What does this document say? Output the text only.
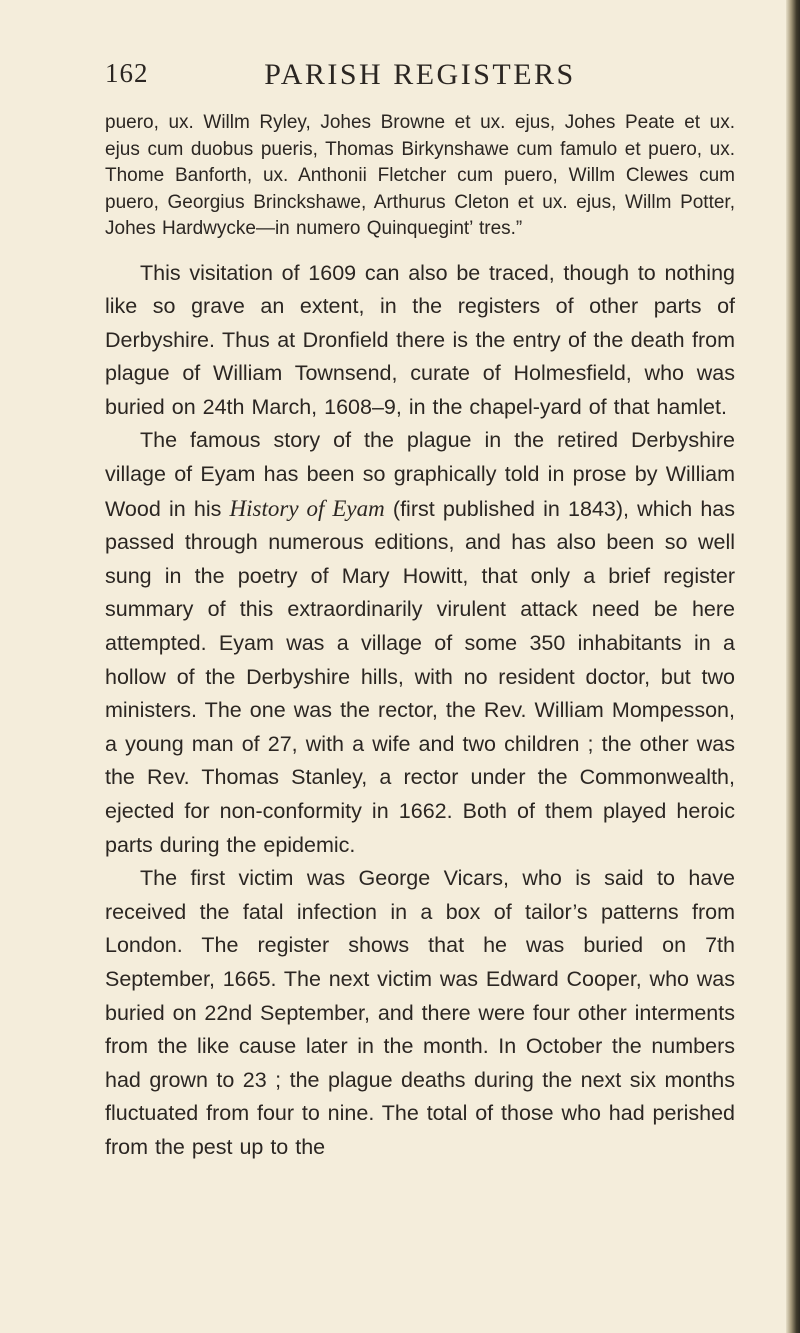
162	PARISH REGISTERS

puero, ux. Willm Ryley, Johes Browne et ux. ejus, Johes Peate et ux. ejus cum duobus pueris, Thomas Birkynshawe cum famulo et puero, ux. Thome Banforth, ux. Anthonii Fletcher cum puero, Willm Clewes cum puero, Georgius Brinckshawe, Arthurus Cleton et ux. ejus, Willm Potter, Johes Hardwycke—in numero Quinquegint’ tres.”

This visitation of 1609 can also be traced, though to nothing like so grave an extent, in the registers of other parts of Derbyshire. Thus at Dronfield there is the entry of the death from plague of William Townsend, curate of Holmesfield, who was buried on 24th March, 1608–9, in the chapel-yard of that hamlet.

The famous story of the plague in the retired Derbyshire village of Eyam has been so graphically told in prose by William Wood in his History of Eyam (first published in 1843), which has passed through numerous editions, and has also been so well sung in the poetry of Mary Howitt, that only a brief register summary of this extraordinarily virulent attack need be here attempted. Eyam was a village of some 350 inhabitants in a hollow of the Derbyshire hills, with no resident doctor, but two ministers. The one was the rector, the Rev. William Mompesson, a young man of 27, with a wife and two children ; the other was the Rev. Thomas Stanley, a rector under the Commonwealth, ejected for non-conformity in 1662. Both of them played heroic parts during the epidemic.

The first victim was George Vicars, who is said to have received the fatal infection in a box of tailor’s patterns from London. The register shows that he was buried on 7th September, 1665. The next victim was Edward Cooper, who was buried on 22nd September, and there were four other interments from the like cause later in the month. In October the numbers had grown to 23 ; the plague deaths during the next six months fluctuated from four to nine. The total of those who had perished from the pest up to the
